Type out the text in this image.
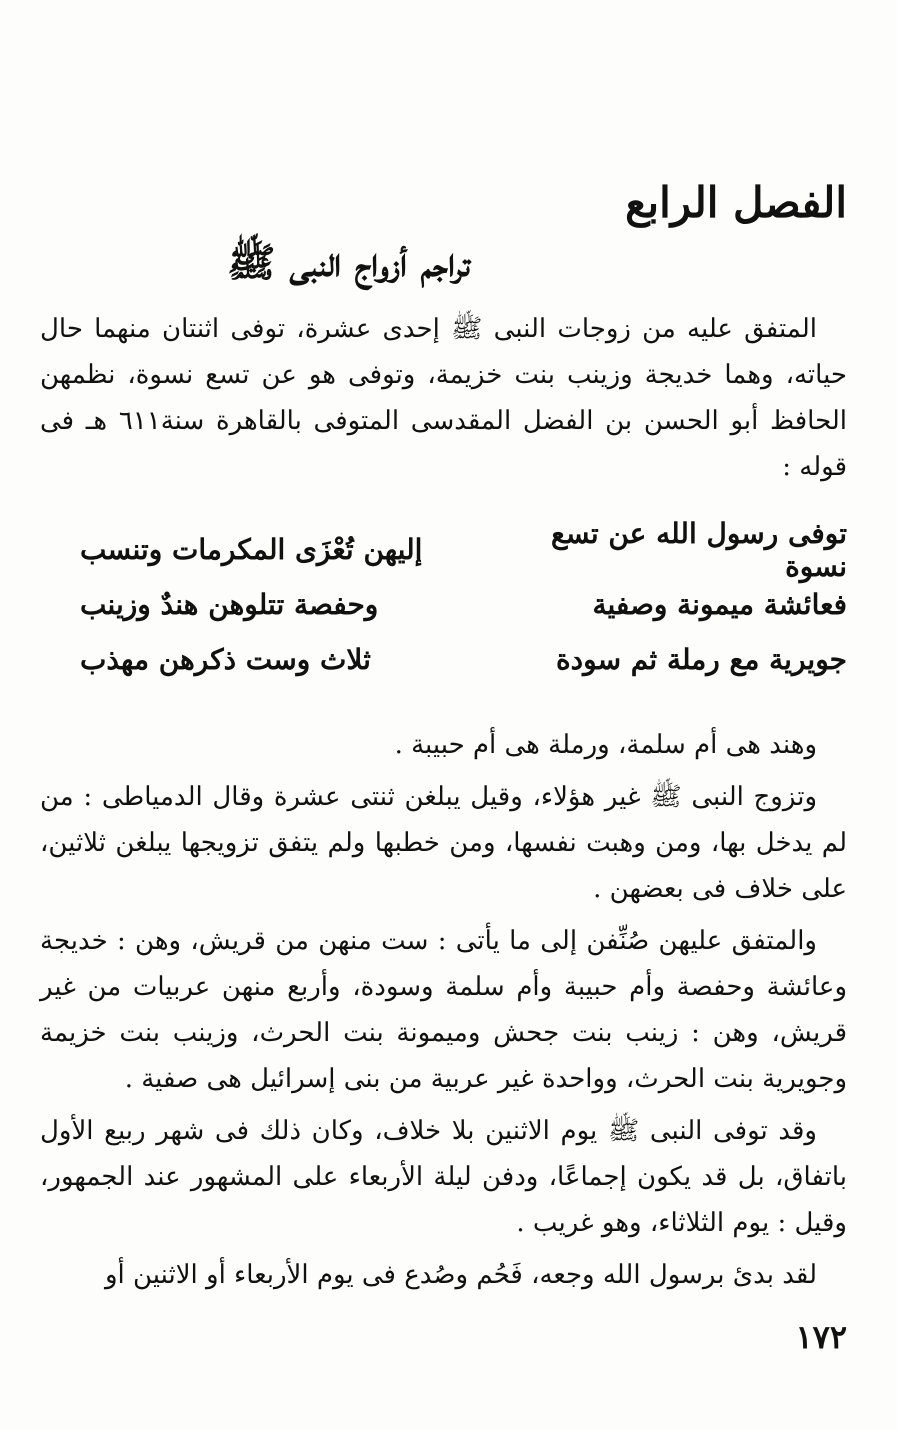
الفصل الرابع
تراجم أزواج النبى ﷺ

المتفق عليه من زوجات النبى ﷺ إحدى عشرة، توفى اثنتان منهما حال حياته، وهما خديجة وزينب بنت خزيمة، وتوفى هو عن تسع نسوة، نظمهن الحافظ أبو الحسن بن الفضل المقدسى المتوفى بالقاهرة سنة٦١١ هـ فى قوله :

توفى رسول الله عن تسع نسوة
إليهن تُعْزَى المكرمات وتنسب
فعائشة ميمونة وصفية
وحفصة تتلوهن هندٌ وزينب
جويرية مع رملة ثم سودة
ثلاث وست ذكرهن مهذب

وهند هى أم سلمة، ورملة هى أم حبيبة .

وتزوج النبى ﷺ غير هؤلاء، وقيل يبلغن ثنتى عشرة وقال الدمياطى : من لم يدخل بها، ومن وهبت نفسها، ومن خطبها ولم يتفق تزويجها يبلغن ثلاثين، على خلاف فى بعضهن .

والمتفق عليهن صُنِّفن إلى ما يأتى : ست منهن من قريش، وهن : خديجة وعائشة وحفصة وأم حبيبة وأم سلمة وسودة، وأربع منهن عربيات من غير قريش، وهن : زينب بنت جحش وميمونة بنت الحرث، وزينب بنت خزيمة وجويرية بنت الحرث، وواحدة غير عربية من بنى إسرائيل هى صفية .

وقد توفى النبى ﷺ يوم الاثنين بلا خلاف، وكان ذلك فى شهر ربيع الأول باتفاق، بل قد يكون إجماعًا، ودفن ليلة الأربعاء على المشهور عند الجمهور، وقيل : يوم الثلاثاء، وهو غريب .

لقد بدئ برسول الله وجعه، فَحُم وصُدع فى يوم الأربعاء أو الاثنين أو

١٧٢
